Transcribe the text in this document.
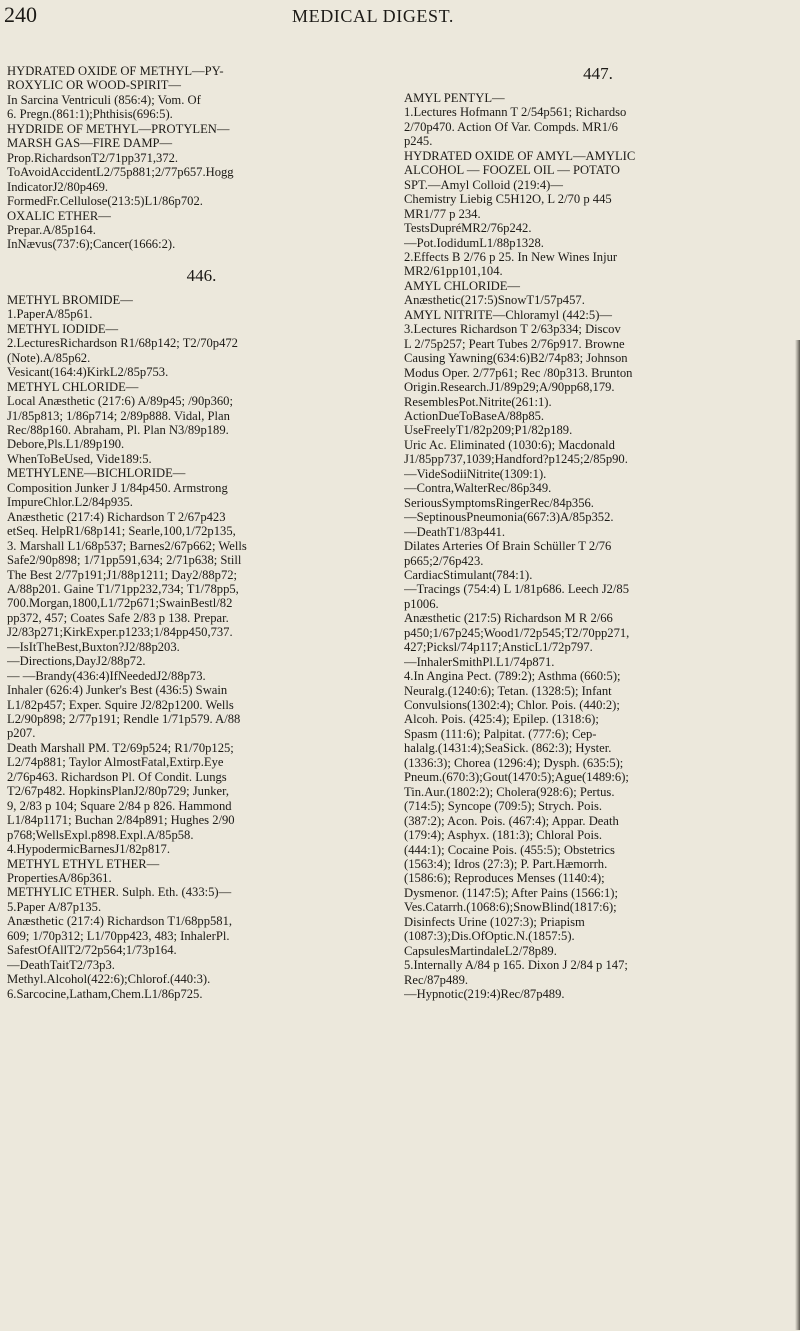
240	MEDICAL DIGEST.
HYDRATED OXIDE OF METHYL—PY-
ROXYLIC OR WOOD-SPIRIT—
In Sarcina Ventriculi (856:4); Vom. Of
6. Pregn.(861:1);Phthisis(696:5).
HYDRIDE OF METHYL—PROTYLEN—
MARSH GAS—FIRE DAMP—
Prop.RichardsonT2/71pp371,372.
ToAvoidAccidentL2/75p881;2/77p657.Hogg
IndicatorJ2/80p469.
FormedFr.Cellulose(213:5)L1/86p702.
OXALIC ETHER—
Prepar.A/85p164.
InNævus(737:6);Cancer(1666:2).
446.
METHYL BROMIDE—
1.PaperA/85p61.
METHYL IODIDE—
2.LecturesRichardson R1/68p142; T2/70p472
(Note).A/85p62.
Vesicant(164:4)KirkL2/85p753.
METHYL CHLORIDE—
Local Anæsthetic (217:6) A/89p45; /90p360;
J1/85p813; 1/86p714; 2/89p888. Vidal, Plan
Rec/88p160. Abraham, Pl. Plan N3/89p189.
Debore,Pls.L1/89p190.
WhenToBeUsed, Vide189:5.
METHYLENE—BICHLORIDE—
Composition Junker J 1/84p450. Armstrong
ImpureChlor.L2/84p935.
Anæsthetic (217:4) Richardson T 2/67p423
etSeq. HelpR1/68p141; Searle,100,1/72p135,
3. Marshall L1/68p537; Barnes2/67p662; Wells
Safe2/90p898; 1/71pp591,634; 2/71p638; Still
The Best 2/77p191;J1/88p1211; Day2/88p72;
A/88p201. Gaine T1/71pp232,734; T1/78pp5,
700.Morgan,1800,L1/72p671;SwainBestl/82
pp372, 457; Coates Safe 2/83 p 138. Prepar.
J2/83p271;KirkExper.p1233;1/84pp450,737.
—IsItTheBest,Buxton?J2/88p203.
—Directions,DayJ2/88p72.
— —Brandy(436:4)IfNeededJ2/88p73.
Inhaler (626:4) Junker's Best (436:5) Swain
L1/82p457; Exper. Squire J2/82p1200. Wells
L2/90p898; 2/77p191; Rendle 1/71p579. A/88
p207.
Death Marshall PM. T2/69p524; R1/70p125;
L2/74p881; Taylor AlmostFatal,Extirp.Eye
2/76p463. Richardson Pl. Of Condit. Lungs
T2/67p482. HopkinsPlanJ2/80p729; Junker,
9, 2/83 p 104; Square 2/84 p 826. Hammond
L1/84p1171; Buchan 2/84p891; Hughes 2/90
p768;WellsExpl.p898.Expl.A/85p58.
4.HypodermicBarnesJ1/82p817.
METHYL ETHYL ETHER—
PropertiesA/86p361.
METHYLIC ETHER. Sulph. Eth. (433:5)—
5.Paper A/87p135.
Anæsthetic (217:4) Richardson T1/68pp581,
609; 1/70p312; L1/70pp423, 483; InhalerPl.
SafestOfAllT2/72p564;1/73p164.
—DeathTaitT2/73p3.
Methyl.Alcohol(422:6);Chlorof.(440:3).
6.Sarcocine,Latham,Chem.L1/86p725.
447.
AMYL PENTYL—
1.Lectures Hofmann T 2/54p561; Richardso
2/70p470. Action Of Var. Compds. MR1/6
p245.
HYDRATED OXIDE OF AMYL—AMYLIC
ALCOHOL — FOOZEL OIL — POTATO
SPT.—Amyl Colloid (219:4)—
Chemistry Liebig C5H12O, L 2/70 p 445
MR1/77 p 234.
TestsDupréMR2/76p242.
—Pot.IodidumL1/88p1328.
2.Effects B 2/76 p 25. In New Wines Injur
MR2/61pp101,104.
AMYL CHLORIDE—
Anæsthetic(217:5)SnowT1/57p457.
AMYL NITRITE—Chloramyl (442:5)—
3.Lectures Richardson T 2/63p334; Discov
L 2/75p257; Peart Tubes 2/76p917. Browne
Causing Yawning(634:6)B2/74p83; Johnson
Modus Oper. 2/77p61; Rec /80p313. Brunton
Origin.Research.J1/89p29;A/90pp68,179.
ResemblesPot.Nitrite(261:1).
ActionDueToBaseA/88p85.
UseFreelyT1/82p209;P1/82p189.
Uric Ac. Eliminated (1030:6); Macdonald
J1/85pp737,1039;Handford?p1245;2/85p90.
—VideSodiiNitrite(1309:1).
—Contra,WalterRec/86p349.
SeriousSymptomsRingerRec/84p356.
—SeptinousPneumonia(667:3)A/85p352.
—DeathT1/83p441.
Dilates Arteries Of Brain Schüller T 2/76
p665;2/76p423.
CardiacStimulant(784:1).
—Tracings (754:4) L 1/81p686. Leech J2/85
p1006.
Anæsthetic (217:5) Richardson M R 2/66
p450;1/67p245;Wood1/72p545;T2/70pp271,
427;Picksl/74p117;AnsticL1/72p797.
—InhalerSmithPl.L1/74p871.
4.In Angina Pect. (789:2); Asthma (660:5);
Neuralg.(1240:6); Tetan. (1328:5); Infant
Convulsions(1302:4); Chlor. Pois. (440:2);
Alcoh. Pois. (425:4); Epilep. (1318:6);
Spasm (111:6); Palpitat. (777:6); Cep-
halalg.(1431:4);SeaSick. (862:3); Hyster.
(1336:3); Chorea (1296:4); Dysph. (635:5);
Pneum.(670:3);Gout(1470:5);Ague(1489:6);
Tin.Aur.(1802:2); Cholera(928:6); Pertus.
(714:5); Syncope (709:5); Strych. Pois.
(387:2); Acon. Pois. (467:4); Appar. Death
(179:4); Asphyx. (181:3); Chloral Pois.
(444:1); Cocaine Pois. (455:5); Obstetrics
(1563:4); Idros (27:3); P. Part.Hæmorrh.
(1586:6); Reproduces Menses (1140:4);
Dysmenor. (1147:5); After Pains (1566:1);
Ves.Catarrh.(1068:6);SnowBlind(1817:6);
Disinfects Urine (1027:3); Priapism
(1087:3);Dis.OfOptic.N.(1857:5).
CapsulesMartindaleL2/78p89.
5.Internally A/84 p 165. Dixon J 2/84 p 147;
Rec/87p489.
—Hypnotic(219:4)Rec/87p489.
